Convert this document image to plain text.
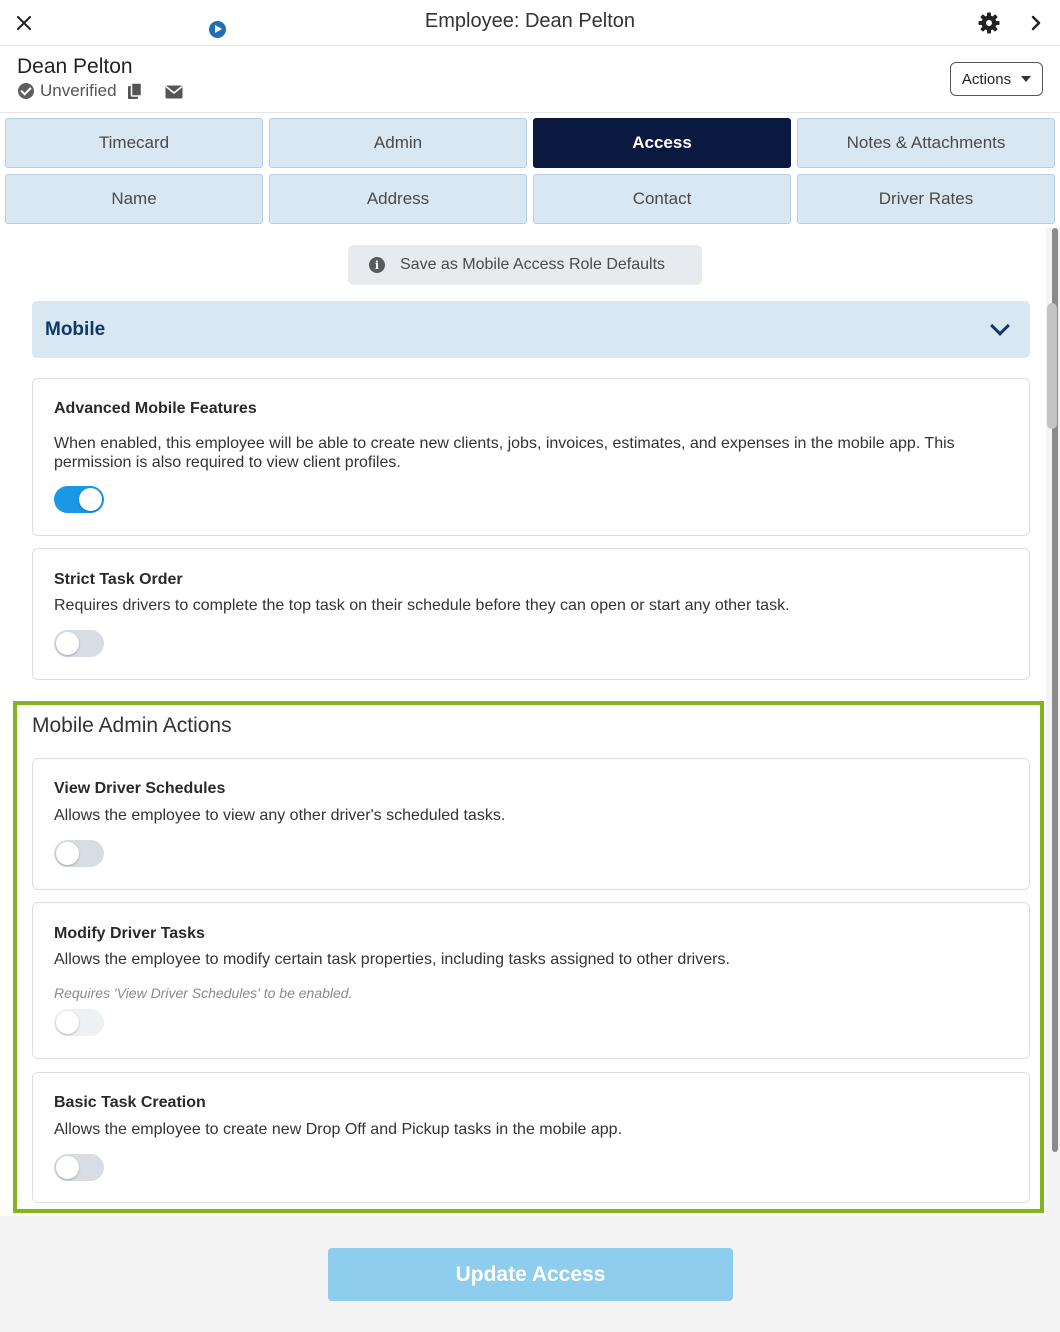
Employee: Dean Pelton
Dean Pelton
Unverified
Actions
Timecard	Admin	Access	Notes & Attachments
Name	Address	Contact	Driver Rates
i	Save as Mobile Access Role Defaults
Mobile
Advanced Mobile Features
When enabled, this employee will be able to create new clients, jobs, invoices, estimates, and expenses in the mobile app. This permission is also required to view client profiles.
Strict Task Order
Requires drivers to complete the top task on their schedule before they can open or start any other task.
Mobile Admin Actions
View Driver Schedules
Allows the employee to view any other driver's scheduled tasks.
Modify Driver Tasks
Allows the employee to modify certain task properties, including tasks assigned to other drivers.
Requires 'View Driver Schedules' to be enabled.
Basic Task Creation
Allows the employee to create new Drop Off and Pickup tasks in the mobile app.
Update Access
